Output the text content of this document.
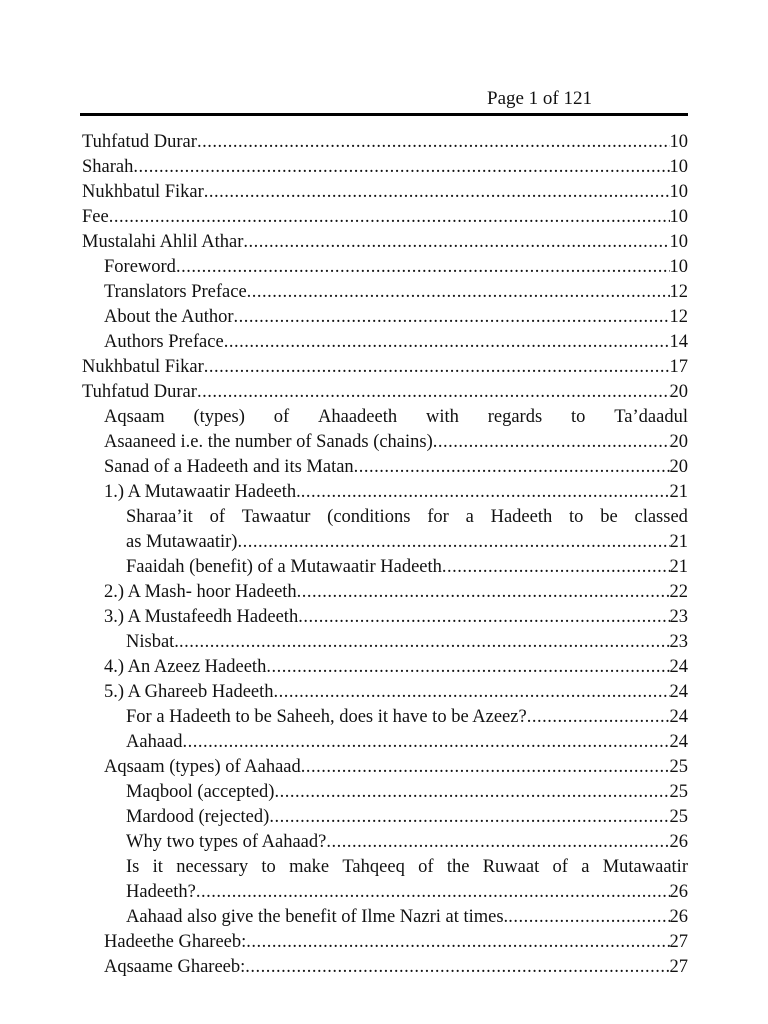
Page 1 of 121
Tuhfatud Durar .....	10
Sharah .....	10
Nukhbatul Fikar .....	10
Fee .....	10
Mustalahi Ahlil Athar .....	10
Foreword .....	10
Translators Preface .....	12
About the Author .....	12
Authors Preface .....	14
Nukhbatul Fikar .....	17
Tuhfatud Durar .....	20
Aqsaam (types) of Ahaadeeth with regards to Ta’daadul
Asaaneed i.e. the number of Sanads (chains) .....	20
Sanad of a Hadeeth and its Matan .....	20
1.) A Mutawaatir Hadeeth. .....	21
Sharaa’it of Tawaatur (conditions for a Hadeeth to be classed
as Mutawaatir) .....	21
Faaidah (benefit) of a Mutawaatir Hadeeth .....	21
2.) A Mash- hoor Hadeeth .....	22
3.) A Mustafeedh Hadeeth .....	23
Nisbat. .....	23
4.) An Azeez Hadeeth .....	24
5.) A Ghareeb Hadeeth .....	24
For a Hadeeth to be Saheeh, does it have to be Azeez? .....	24
Aahaad .....	24
Aqsaam (types) of Aahaad .....	25
Maqbool (accepted) .....	25
Mardood (rejected) .....	25
Why two types of Aahaad? .....	26
Is it necessary to make Tahqeeq of the Ruwaat of a Mutawaatir
Hadeeth? .....	26
Aahaad also give the benefit of Ilme Nazri at times. .....	26
Hadeethe Ghareeb: .....	27
Aqsaame Ghareeb: .....	27
